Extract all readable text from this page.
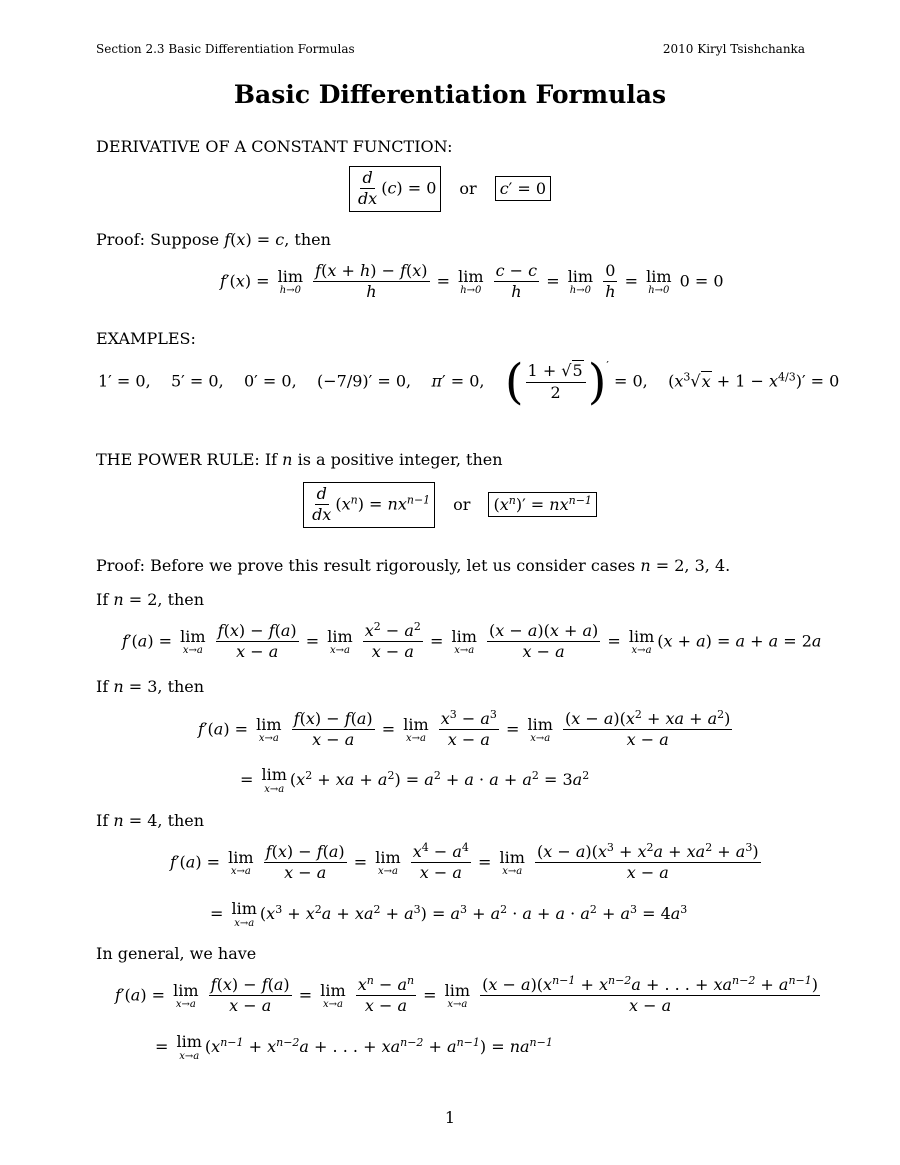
Section 2.3 Basic Differentiation Formulas	2010 Kiryl Tsishchanka
Basic Differentiation Formulas
DERIVATIVE OF A CONSTANT FUNCTION:
$\frac{d}{dx} (c) = 0$	or	c′ = 0
Proof: Suppose f(x) = c, then
f′(x) = lim
h→0
$\frac{f(x + h) - f(x)}{h} = \lim$
h→0
$\frac{c - c}{h} = \lim$
h→0
$\frac{0}{h} = \lim$
h→0
0 = 0
EXAMPLES:
1′ = 0,    5′ = 0,    0′ = 0,    (−7/9)′ = 0,    π′ = 0,    ( $\frac{1 + √5}{2} )' = 0$,    $(x^3√x + 1 - x^{4/3})' = 0$
THE POWER RULE: If n is a positive integer, then
$\frac{d}{dx} (x^n) = nx^{n-1}$	or	$(x^n)' = nx^{n-1}$
Proof: Before we prove this result rigorously, let us consider cases n = 2, 3, 4.
If n = 2, then
f′(a) = lim
x→a
$\frac{f(x) - f(a)}{x - a} = \lim$
x→a
$\frac{x^2 - a^2}{x - a} = \lim$
x→a
$\frac{(x - a)(x + a)}{x - a} = \lim$
x→a
(x + a) = a + a = 2a
If n = 3, then
f′(a) = lim
x→a
$\frac{f(x) - f(a)}{x - a} = \lim$
x→a
$\frac{x^3 - a^3}{x - a} = \lim$
x→a
$\frac{(x - a)(x^2 + xa + a^2)}{x - a}$
= lim
x→a
($x^2$ + xa + $a^2) = a^2 + a \cdot a + a^2 = 3a^2$
If n = 4, then
f′(a) = lim
x→a
$\frac{f(x) - f(a)}{x - a} = \lim$
x→a
$\frac{x^4 - a^4}{x - a} = \lim$
x→a
$\frac{(x - a)(x^3 + x^2a + xa^2 + a^3)}{x - a}$
= lim
x→a
$(x^3 + x^2a + xa^2 + a^3) = a^3 + a^2 \cdot a + a \cdot a^2 + a^3 = 4a^3$
In general, we have
f′(a) = lim
x→a
$\frac{f(x) - f(a)}{x - a} = \lim$
x→a
$\frac{x^n - a^n}{x - a} = \lim$
x→a
$\frac{(x - a)(x^{n-1} + x^{n-2}a + . . . + xa^{n-2} + a^{n-1})}{x - a}$
= lim
x→a
($x^{n-1} + x^{n-2}a$ + . . . + $xa^{n-2} + a^{n-1}) = na^{n-1}$
1
